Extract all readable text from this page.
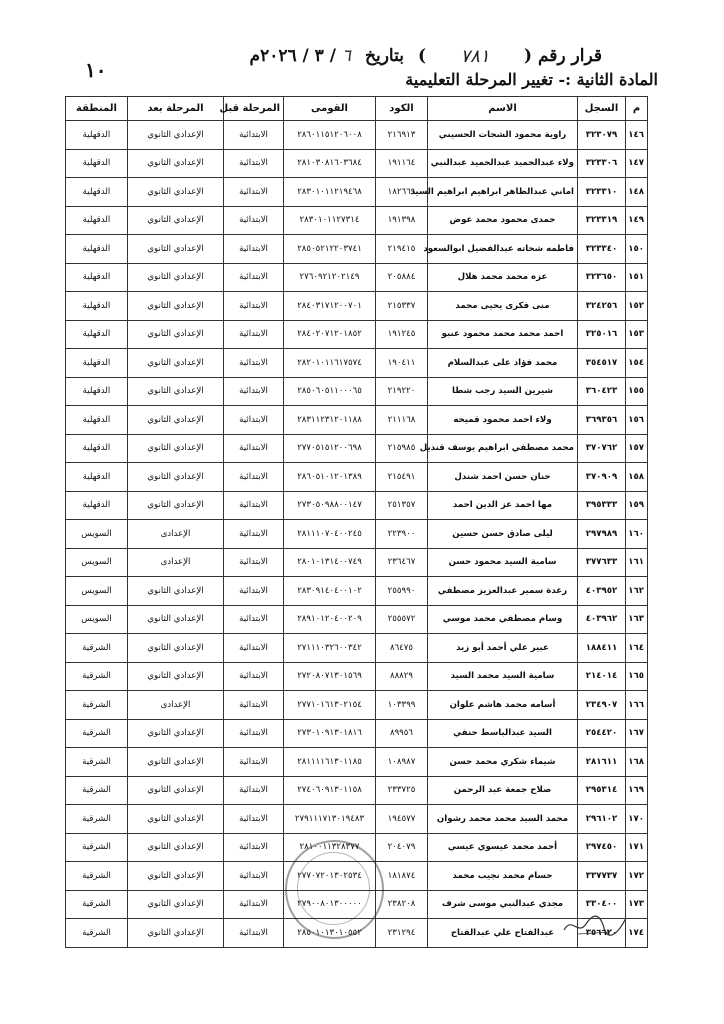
قرار رقم (
٧٨١
)
بتاريخ
٦ / ٣ / ٢٠٢٦م
١٠	المادة الثانية :- تغيير المرحلة التعليمية
م	السجل	الاسم	الكود	القومى	المرحلة قبل	المرحلة بعد	المنطقة
١٤٦	٣٢٣٠٧٩	راوية محمود الشحات الحسيني	٢١٦٩١٣	٢٨٦٠١١٥١٢٠٦٠٠٨	الابتدائية	الإعدادي الثانوي	الدقهلية
١٤٧	٣٢٣٣٠٦	ولاء عبدالحميد عبدالحميد عبدالنبي	١٩١١٦٤	٢٨١٠٣٠٨١٦٠٣٦٨٤	الابتدائية	الإعدادي الثانوي	الدقهلية
١٤٨	٣٢٣٣١٠	اماني عبدالظاهر ابراهيم ابراهيم السيد	١٨٢٦٦٩	٢٨٣٠١٠١١٢١٩٤٦٨	الابتدائية	الإعدادي الثانوي	الدقهلية
١٤٩	٣٢٣٣١٩	حمدى محمود محمد عوض	١٩١٣٩٨	٢٨٣٠١٠١١٢٧٣١٤	الابتدائية	الإعدادي الثانوي	الدقهلية
١٥٠	٣٢٣٣٤٠	فاطمه شحاته عبدالفضيل ابوالسعود	٢١٩٤١٥	٢٨٥٠٥٢١٢٢٠٣٧٤١	الابتدائية	الإعدادي الثانوي	الدقهلية
١٥١	٣٢٣٦٥٠	عزه محمد محمد هلال	٢٠٥٨٨٤	٢٧٦٠٩٢١٢٠٢١٤٩	الابتدائية	الإعدادي الثانوي	الدقهلية
١٥٢	٣٢٤٢٥٦	منى فكرى يحيى محمد	٢١٥٣٣٧	٢٨٤٠٣١٧١٢٠٠٧٠١	الابتدائية	الإعدادي الثانوي	الدقهلية
١٥٣	٣٢٥٠١٦	احمد محمد محمد محمود عنبو	١٩١٢٤٥	٢٨٤٠٢٠٧١٢٠١٨٥٢	الابتدائية	الإعدادي الثانوي	الدقهلية
١٥٤	٣٥٤٥١٧	محمد فؤاد على عبدالسلام	١٩٠٤١١	٢٨٢٠١٠١١٦١٧٥٧٤	الابتدائية	الإعدادي الثانوي	الدقهلية
١٥٥	٣٦٠٤٢٣	شيرين السيد رجب شطا	٢١٩٢٢٠	٢٨٥٠٦٠٥١١٠٠٠٦٥	الابتدائية	الإعدادي الثانوي	الدقهلية
١٥٦	٣٦٩٣٥٦	ولاء احمد محمود قميحه	٢١١١٦٨	٢٨٣١١٢٣١٢٠١١٨٨	الابتدائية	الإعدادي الثانوي	الدقهلية
١٥٧	٣٧٠٧٦٢	محمد مصطفي ابراهيم يوسف قنديل	٢١٥٩٨٥	٢٧٧٠٥١٥١٢٠٠٦٩٨	الابتدائية	الإعدادي الثانوي	الدقهلية
١٥٨	٣٧٠٩٠٩	حنان حسن احمد شندل	٢١٥٤٩١	٢٨٦٠٥١٠١٢٠١٣٨٩	الابتدائية	الإعدادي الثانوي	الدقهلية
١٥٩	٣٩٥٣٣٣	مها احمد عز الدين احمد	٢٥١٣٥٧	٢٧٣٠٥٠٩٨٨٠٠١٤٧	الابتدائية	الإعدادي الثانوي	الدقهلية
١٦٠	٢٩٧٩٨٩	ليلى صادق حسن حسين	٢٢٣٩٠٠	٢٨١١١٠٧٠٤٠٠٢٤٥	الابتدائية	الإعدادى	السويس
١٦١	٣٧٧٦٣٣	سامية السيد محمود حسن	٢٣٦٤٦٧	٢٨٠١٠١٣١٤٠٠٧٤٩	الابتدائية	الإعدادى	السويس
١٦٢	٤٠٣٩٥٢	رغدة سمير عبدالعزيز مصطفي	٢٥٥٩٩٠	٢٨٣٠٩١٤٠٤٠٠١٠٢	الابتدائية	الإعدادي الثانوي	السويس
١٦٣	٤٠٣٩٦٢	وسام مصطفي محمد موسي	٢٥٥٥٧٢	٢٨٩١٠١٢٠٤٠٠٢٠٩	الابتدائية	الإعدادي الثانوي	السويس
١٦٤	١٨٨٤١١	عبير علي أحمد أبو زيد	٨٦٤٧٥	٢٧١١١٠٣٢٦٠٠٣٤٢	الابتدائية	الإعدادي الثانوي	الشرقية
١٦٥	٢١٤٠١٤	سامية السيد محمد السيد	٨٨٨٢٩	٢٧٢٠٨٠٧١٣٠١٥٦٩	الابتدائية	الإعدادي الثانوي	الشرقية
١٦٦	٢٣٤٩٠٧	أسامه محمد هاشم علوان	١٠٣٣٩٩	٢٧٧١٠١٦١٣٠٢١٥٤	الابتدائية	الإعدادى	الشرقية
١٦٧	٢٥٤٤٢٠	السيد عبدالباسط حنفي	٨٩٩٥٦	٢٧٣٠١٠٩١٣٠١٨١٦	الابتدائية	الإعدادي الثانوي	الشرقية
١٦٨	٢٨١٦١١	شيماء شكري محمد حسن	١٠٨٩٨٧	٢٨١١١١٦١٣٠١١٨٥	الابتدائية	الإعدادي الثانوي	الشرقية
١٦٩	٢٩٥٣١٤	صلاح جمعة عبد الرحمن	٢٣٣٧٢٥	٢٧٤٠٦٠٩١٣٠١١٥٨	الابتدائية	الإعدادي الثانوي	الشرقية
١٧٠	٢٩٦١٠٢	محمد السيد محمد محمد رشوان	١٩٤٥٧٧	٢٧٩١١١٧١٣٠١٩٤٨٣	الابتدائية	الإعدادي الثانوي	الشرقية
١٧١	٢٩٧٤٥٠	أحمد محمد عيسوي عيسي	٢٠٤٠٧٩	٢٨١٠٠١١٣٢٨٣٧٧	الابتدائية	الإعدادي الثانوي	الشرقية
١٧٢	٣٣٧٧٣٧	حسام محمد نجيب محمد	١٨١٨٧٤	٢٧٧٠٧٢٠١٣٠٢٥٣٤	الابتدائية	الإعدادي الثانوي	الشرقية
١٧٣	٣٣٠٤٠٠	مجدي عبدالنبي موسى شرف	٢٣٨٢٠٨	٢٧٩٠٠٨٠١٣٠٠٠٠٠	الابتدائية	الإعدادي الثانوي	الشرقية
١٧٤	٣٥٦٦٢٠	عبدالفتاح علي عبدالفتاح	٢٣١٢٩٤	٢٨٥٠١٠١٣٠١٠٥٥٢	الابتدائية	الإعدادي الثانوي	الشرقية
